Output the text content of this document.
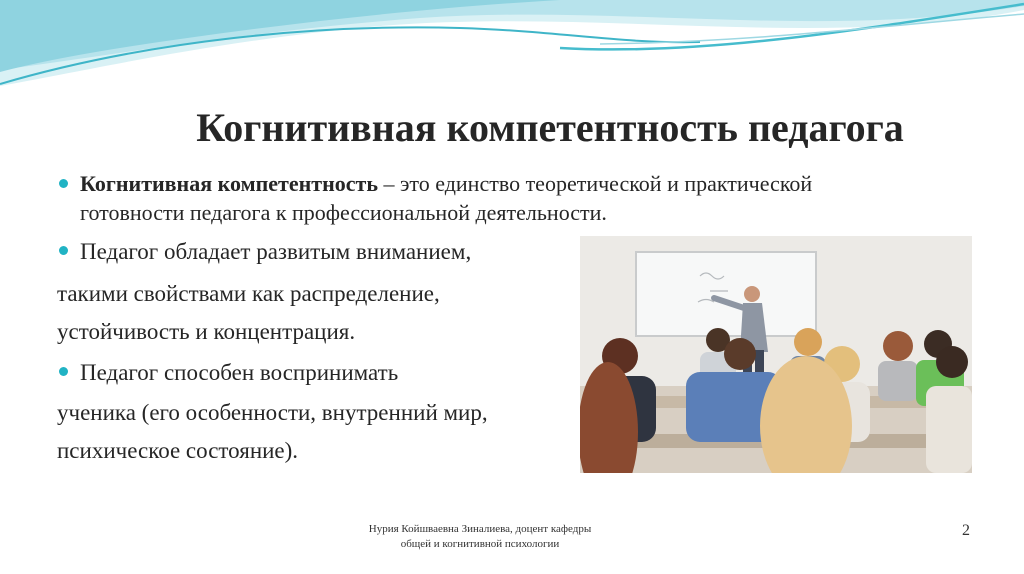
Когнитивная компетентность педагога
Когнитивная компетентность – это единство теоретической и практической
готовности педагога к профессиональной деятельности.
Педагог обладает развитым вниманием,
такими свойствами как распределение,
устойчивость и концентрация.
Педагог способен воспринимать
ученика (его особенности, внутренний мир,
психическое состояние).
Нурия Койшваевна Зиналиева, доцент кафедры
общей и когнитивной психологии
2
